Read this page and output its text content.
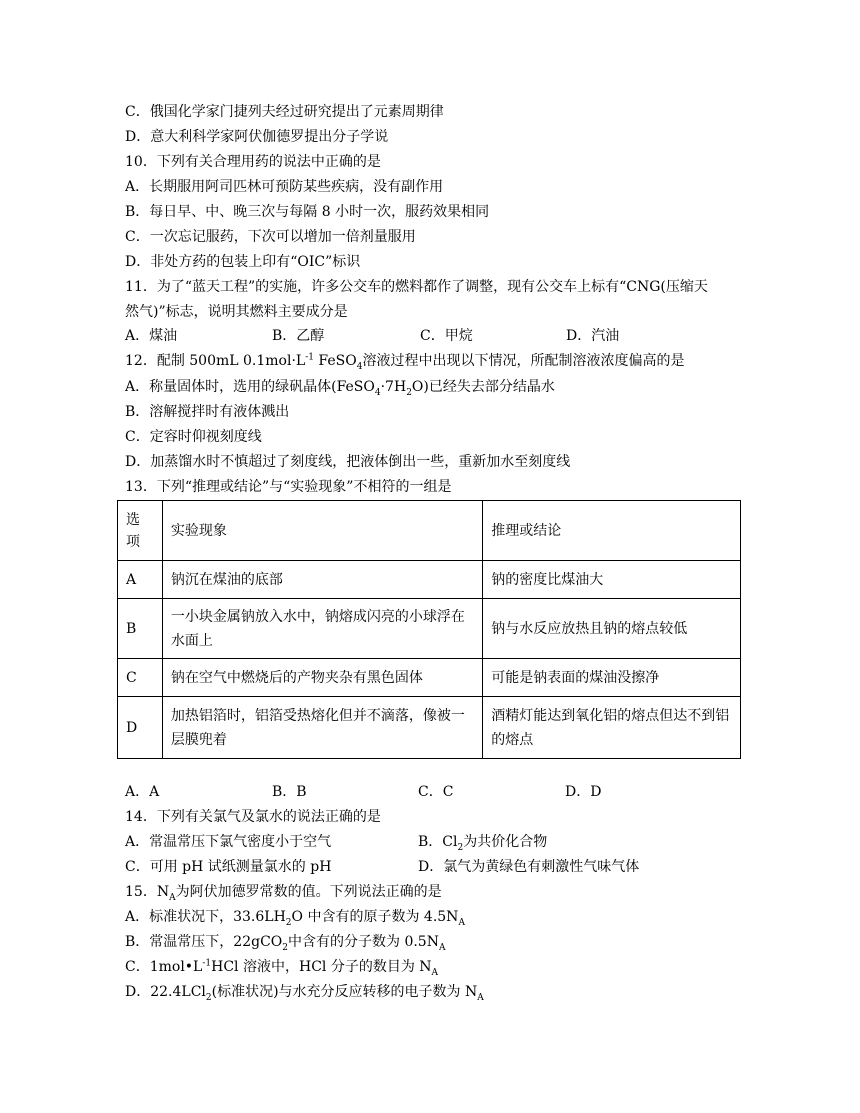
C．俄国化学家门捷列夫经过研究提出了元素周期律
D．意大利科学家阿伏伽德罗提出分子学说
10．下列有关合理用药的说法中正确的是
A．长期服用阿司匹林可预防某些疾病，没有副作用
B．每日早、中、晚三次与每隔 8 小时一次，服药效果相同
C．一次忘记服药，下次可以增加一倍剂量服用
D．非处方药的包装上印有“OIC”标识
11．为了“蓝天工程”的实施，许多公交车的燃料都作了调整，现有公交车上标有“CNG(压缩天
然气)”标志，说明其燃料主要成分是
A．煤油	B．乙醇	C．甲烷	D．汽油
12．配制 500mL $0.1mol\cdot L^{-1}$ FeSO$_4$溶液过程中出现以下情况，所配制溶液浓度偏高的是
A．称量固体时，选用的绿矾晶体$(FeSO_4\cdot 7H_2O)$已经失去部分结晶水
B．溶解搅拌时有液体溅出
C．定容时仰视刻度线
D．加蒸馏水时不慎超过了刻度线，把液体倒出一些，重新加水至刻度线
13．下列“推理或结论”与“实验现象”不相符的一组是
选项	实验现象	推理或结论
A	钠沉在煤油的底部	钠的密度比煤油大
B	一小块金属钠放入水中，钠熔成闪亮的小球浮在水面上	钠与水反应放热且钠的熔点较低
C	钠在空气中燃烧后的产物夹杂有黑色固体	可能是钠表面的煤油没擦净
D	加热铝箔时，铝箔受热熔化但并不滴落，像被一层膜兜着	酒精灯能达到氧化铝的熔点但达不到铝的熔点
A．A	B．B	C．C	D．D
14．下列有关氯气及氯水的说法正确的是
A．常温常压下氯气密度小于空气	B．$Cl_2$为共价化合物
C．可用 pH 试纸测量氯水的 pH	D．氯气为黄绿色有刺激性气味气体
15．$N_A$为阿伏加德罗常数的值。下列说法正确的是
A．标准状况下，$33.6LH_2O$ 中含有的原子数为 $4.5N_A$
B．常温常压下，22gCO$_2$中含有的分子数为 $0.5N_A$
C．$1mol•L^{-1}HCl$ 溶液中，HCl 分子的数目为 $N_A$
D．22.4LCl$_2$(标准状况)与水充分反应转移的电子数为 $N_A$
